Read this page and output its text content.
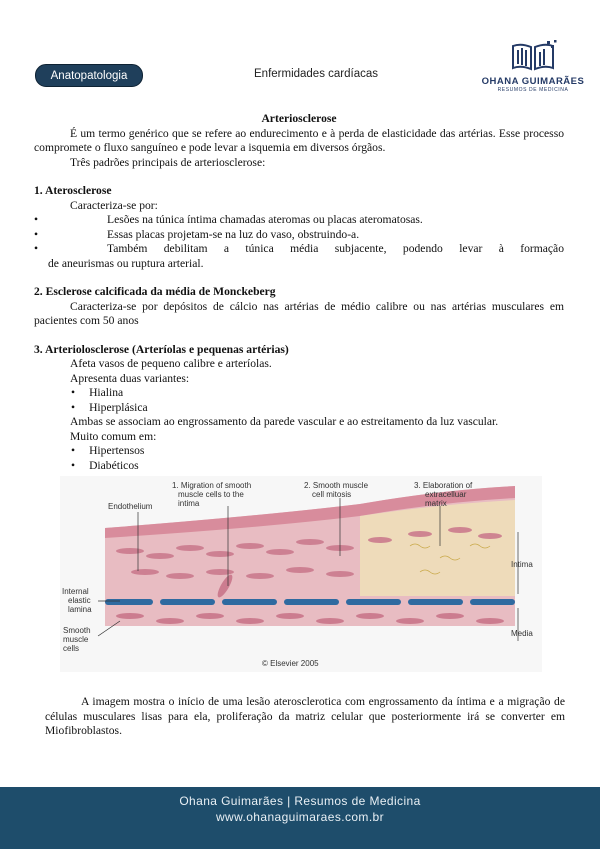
Anatopatologia	Enfermidades cardíacas
OHANA GUIMARÃES
RESUMOS DE MEDICINA

Arteriosclerose

É um termo genérico que se refere ao endurecimento e à perda de elasticidade das artérias. Esse processo compromete o fluxo sanguíneo e pode levar a isquemia em diversos órgãos.

Três padrões principais de arteriosclerose:

1. Aterosclerose

Caracteriza-se por:

•	Lesões na túnica íntima chamadas ateromas ou placas ateromatosas.
•	Essas placas projetam-se na luz do vaso, obstruindo-a.
•	Também debilitam a túnica média subjacente, podendo levar à formação

de aneurismas ou ruptura arterial.

2. Esclerose calcificada da média de Monckeberg

Caracteriza-se por depósitos de cálcio nas artérias de médio calibre ou nas artérias musculares em pacientes com 50 anos

3. Arteriolosclerose (Arteríolas e pequenas artérias)

Afeta vasos de pequeno calibre e arteríolas.

Apresenta duas variantes:

• Hialina

• Hiperplásica

Ambas se associam ao engrossamento da parede vascular e ao estreitamento da luz vascular.

Muito comum em:

• Hipertensos

• Diabéticos

Endothelium
1. Migration of smooth
muscle cells to the
intima
2. Smooth muscle
cell mitosis
3. Elaboration of
extracelluar
matrix
Intima
Media
Internal
elastic
lamina
Smooth
muscle
cells
© Elsevier 2005

A imagem mostra o início de uma lesão aterosclerotica com engrossamento da íntima e a migração de células musculares lisas para ela, proliferação da matriz celular que posteriormente irá se converter em Miofibroblastos.

Ohana Guimarães | Resumos de Medicina
www.ohanaguimaraes.com.br
